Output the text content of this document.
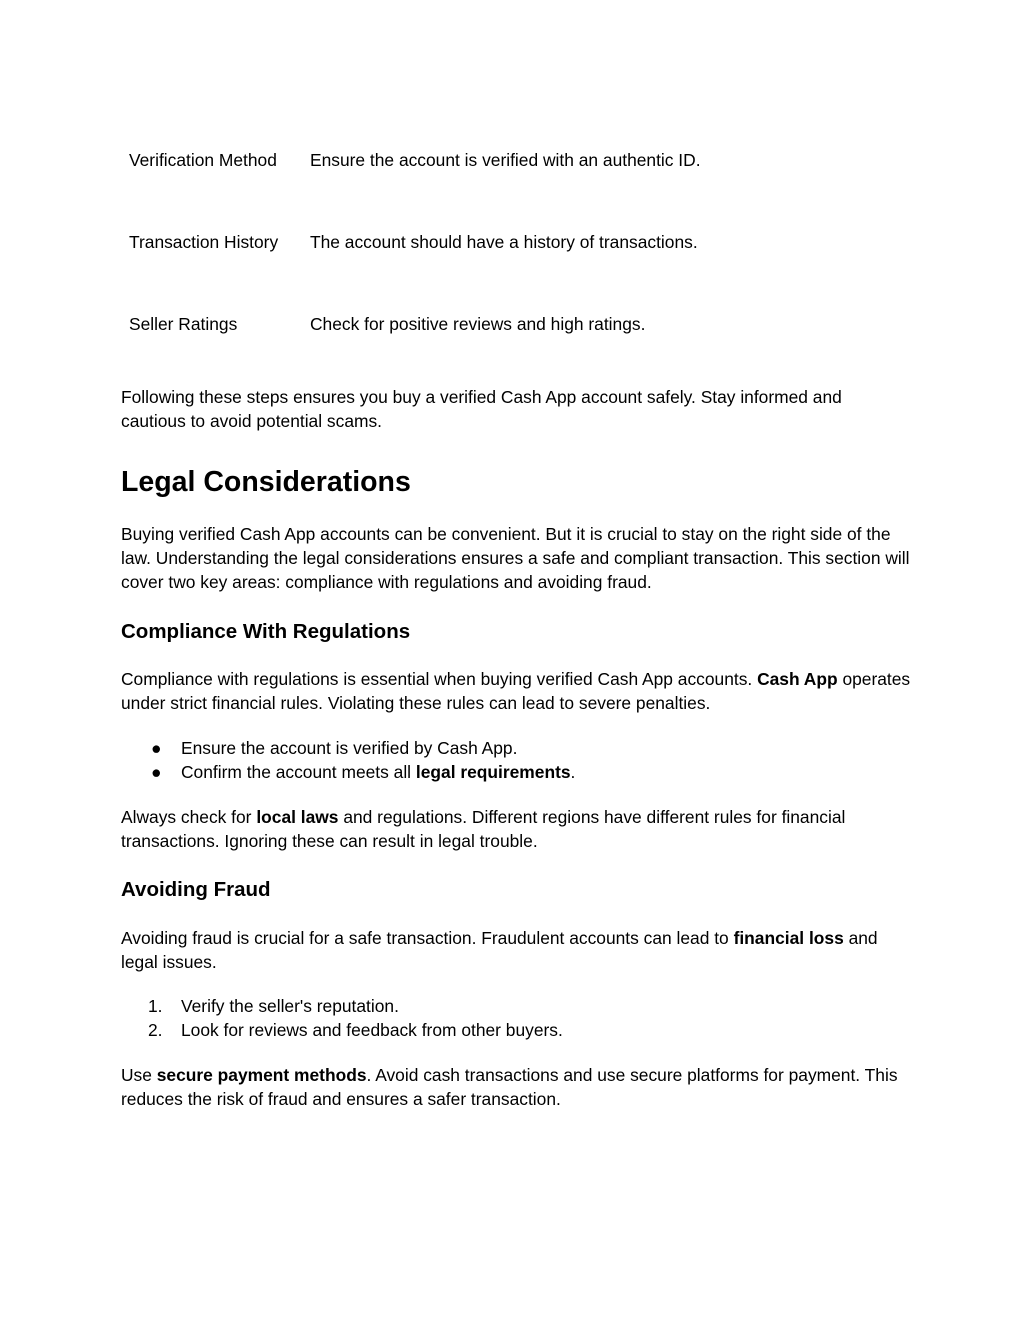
Verification Method Ensure the account is verified with an authentic ID.
Transaction History The account should have a history of transactions.
Seller Ratings	Check for positive reviews and high ratings.

Following these steps ensures you buy a verified Cash App account safely. Stay informed and cautious to avoid potential scams.

Legal Considerations

Buying verified Cash App accounts can be convenient. But it is crucial to stay on the right side of the law. Understanding the legal considerations ensures a safe and compliant transaction. This section will cover two key areas: compliance with regulations and avoiding fraud.

Compliance With Regulations

Compliance with regulations is essential when buying verified Cash App accounts. Cash App operates under strict financial rules. Violating these rules can lead to severe penalties.

● Ensure the account is verified by Cash App.
● Confirm the account meets all legal requirements.

Always check for local laws and regulations. Different regions have different rules for financial transactions. Ignoring these can result in legal trouble.

Avoiding Fraud

Avoiding fraud is crucial for a safe transaction. Fraudulent accounts can lead to financial loss and legal issues.

1. Verify the seller's reputation.
2. Look for reviews and feedback from other buyers.

Use secure payment methods. Avoid cash transactions and use secure platforms for payment. This reduces the risk of fraud and ensures a safer transaction.
